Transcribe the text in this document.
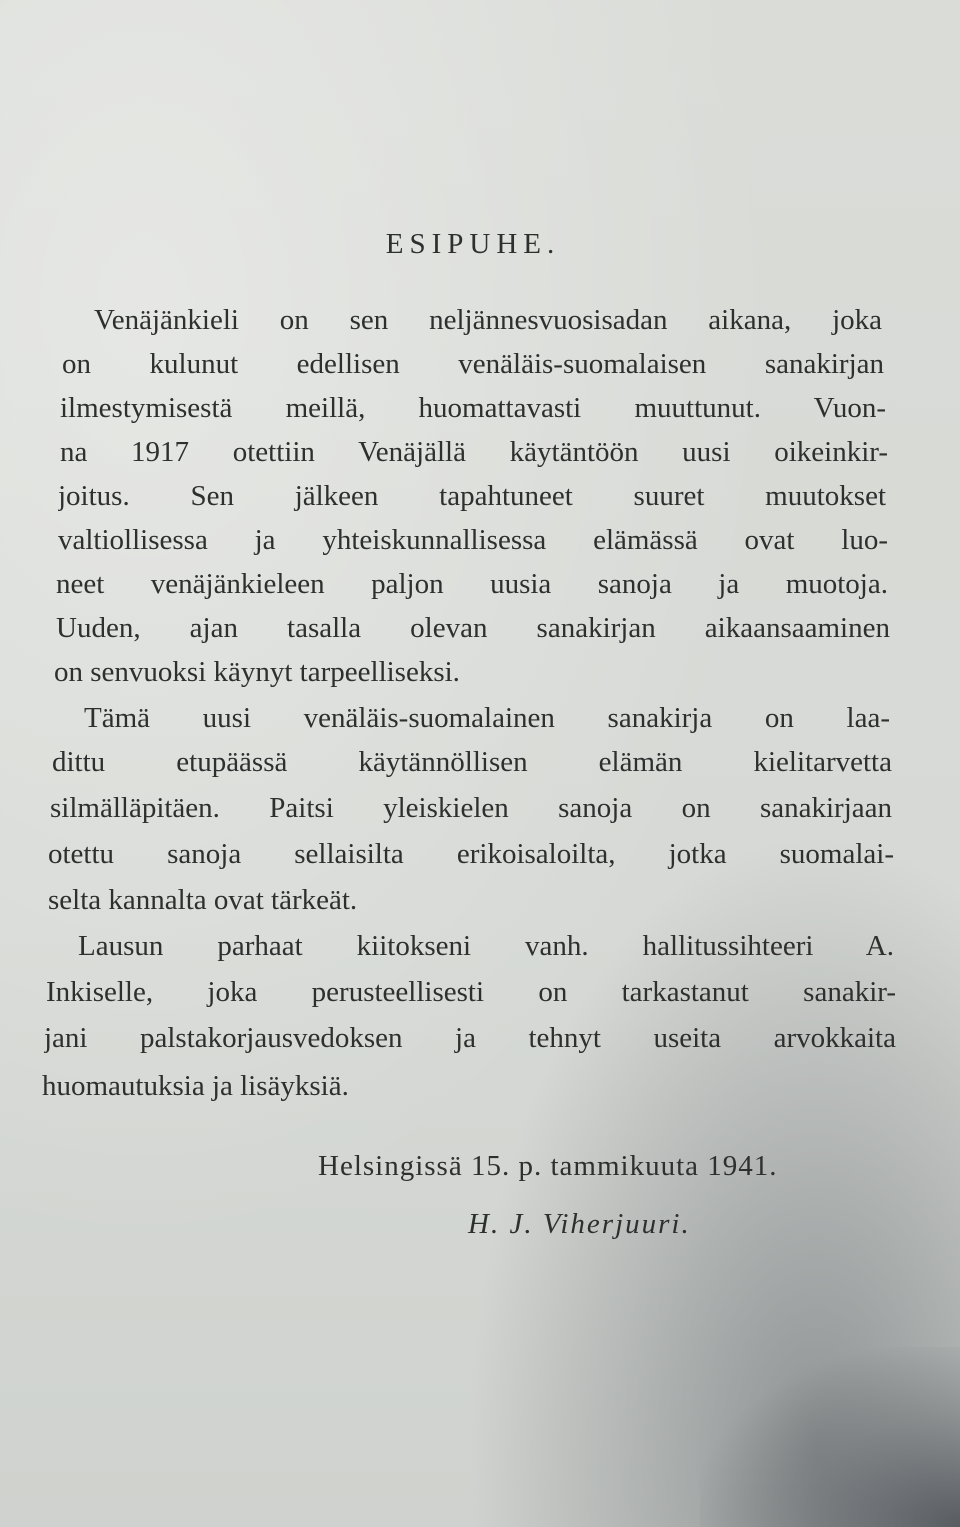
ESIPUHE.
Venäjänkieli on sen neljännesvuosisadan aikana, joka
on kulunut edellisen venäläis-suomalaisen sanakirjan
ilmestymisestä meillä, huomattavasti muuttunut. Vuon-
na 1917 otettiin Venäjällä käytäntöön uusi oikeinkir-
joitus. Sen jälkeen tapahtuneet suuret muutokset
valtiollisessa ja yhteiskunnallisessa elämässä ovat luo-
neet venäjänkieleen paljon uusia sanoja ja muotoja.
Uuden, ajan tasalla olevan sanakirjan aikaansaaminen
on senvuoksi käynyt tarpeelliseksi.
Tämä uusi venäläis-suomalainen sanakirja on laa-
dittu etupäässä käytännöllisen elämän kielitarvetta
silmälläpitäen. Paitsi yleiskielen sanoja on sanakirjaan
otettu sanoja sellaisilta erikoisaloilta, jotka suomalai-
selta kannalta ovat tärkeät.
Lausun parhaat kiitokseni vanh. hallitussihteeri A.
Inkiselle, joka perusteellisesti on tarkastanut sanakir-
jani palstakorjausvedoksen ja tehnyt useita arvokkaita
huomautuksia ja lisäyksiä.
Helsingissä 15. p. tammikuuta 1941.
H. J. Viherjuuri.
